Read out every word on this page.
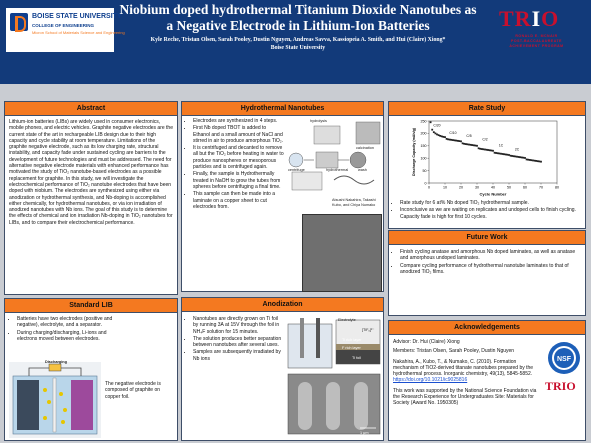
BOISE STATE UNIVERSITY
COLLEGE OF ENGINEERING
Micron School of Materials Science and Engineering
Niobium doped hydrothermal Titanium Dioxide Nanotubes as
a Negative Electrode in Lithium-Ion Batteries
Kyle Reche, Tristan Olsen, Sarah Pooley, Dustin Nguyen, Andreas Savva, Kassiopeia A. Smith, and Hui (Claire) Xiong*
Boise State University
TRIO
RONALD E. MCNAIR
POST-BACCALAUREATE
ACHIEVEMENT PROGRAM
Abstract
Lithium-ion batteries (LIBs) are widely used in consumer electronics, mobile phones, and electric vehicles. Graphite negative electrodes are the current state of the art in rechargeable LIB design due to their high capacity and cycle stability at room temperature. Limitations of the graphite negative electrode, such as its low charging rate, structural instability, and capacity fade under sustained cycling are barriers to the development of future technologies and must be addressed. The need for alternative negative electrode materials with enhanced performance has motivated the study of TiO₂ nanotube-based electrodes as a possible replacement for graphite. In this study, we will investigate the electrochemical performance of TiO₂ nanotube electrodes that have been doped with niobium. The electrodes are synthesized using either via anodization or hydrothermal synthesis, and Nb-doping is accomplished either chemically, for hydrothermal nanotubes, or via ion irradiation of anodized nanotubes with Nb ions. The goal of this study is to determine the effects of chemical and ion irradiation Nb-doping in TiO₂ nanotubes for LIBs, and to compare their electrochemical performance.
Standard LIB
• Batteries have two electrodes (positive and negative), electrolyte, and a separator.
• During charging/discharging, Li-ions and electrons moved between electrodes.
Discharging
The negative electrode is composed of graphite on copper foil.
Hydrothermal Nanotubes
• Electrodes are synthesized in 4 steps.
• First Nb doped TBOT is added to Ethanol and a small amount of NaCl and stirred in air to produce amorphous TiO₂.
• It is centrifuged and decanted to remove all but the TiO₂ before heating in water to produce nanospheres or mesoporous particles and is centrifuged again.
• Finally, the sample is Hydrothermally treated in NaOH to grow the tubes from spheres before centrifuging a final time.
• This sample can then be made into a laminate on a copper sheet to cut electrodes from.
hydrolysis
calcination
centrifuge	hydrothermal	wash
Atsushi Nakahira, Takashi Kubo, and Chiya Numako
Anodization
• Nanotubes are directly grown on Ti foil by running 3A at 15V through the foil in NH₄F solution for 15 minutes.
• The solution produces better separation between nanotubes after several uses.
• Samples are subsequently irradiated by Nb ions
Electrolyte
Ti foil
[TiF₆]²⁻
Ti rich layer
F rich layer
1 μm
Rate Study
0	10	20	30	40	50	60	70	80
0
50
100
150
200
250
Cycle Number
Discharge Capacity (mAh/g)
C/20
C/10
C/5
C/2
1C
2C
• Rate study for 6 at% Nb doped TiO₂ hydrothermal sample.
• Inconclusive as we are waiting on replicates and undoped cells to finish cycling. Capacity fade is high for first 10 cycles.
Future Work
• Finish cycling anatase and amorphous Nb doped laminates, as well as anatase and amorphous undoped laminates.
• Compare cycling performance of hydrothermal nanotube laminates to that of anodized TiO₂ films.
Acknowledgements
Advisor: Dr. Hui (Claire) Xiong
Members: Tristan Olsen, Sarah Pooley, Dustin Nguyen
Nakahira, A., Kubo, T., & Numako, C. (2010). Formation mechanism of TiO2-derived titanate nanotubes prepared by the hydrothermal process. Inorganic chemistry, 49(13), 5845-5852.
https://doi.org/10.1021/ic9025816
This work was supported by the National Science Foundation via the Research Experience for Undergraduates Site: Materials for Society (Award No. 1950305)
NSF
TRIO
